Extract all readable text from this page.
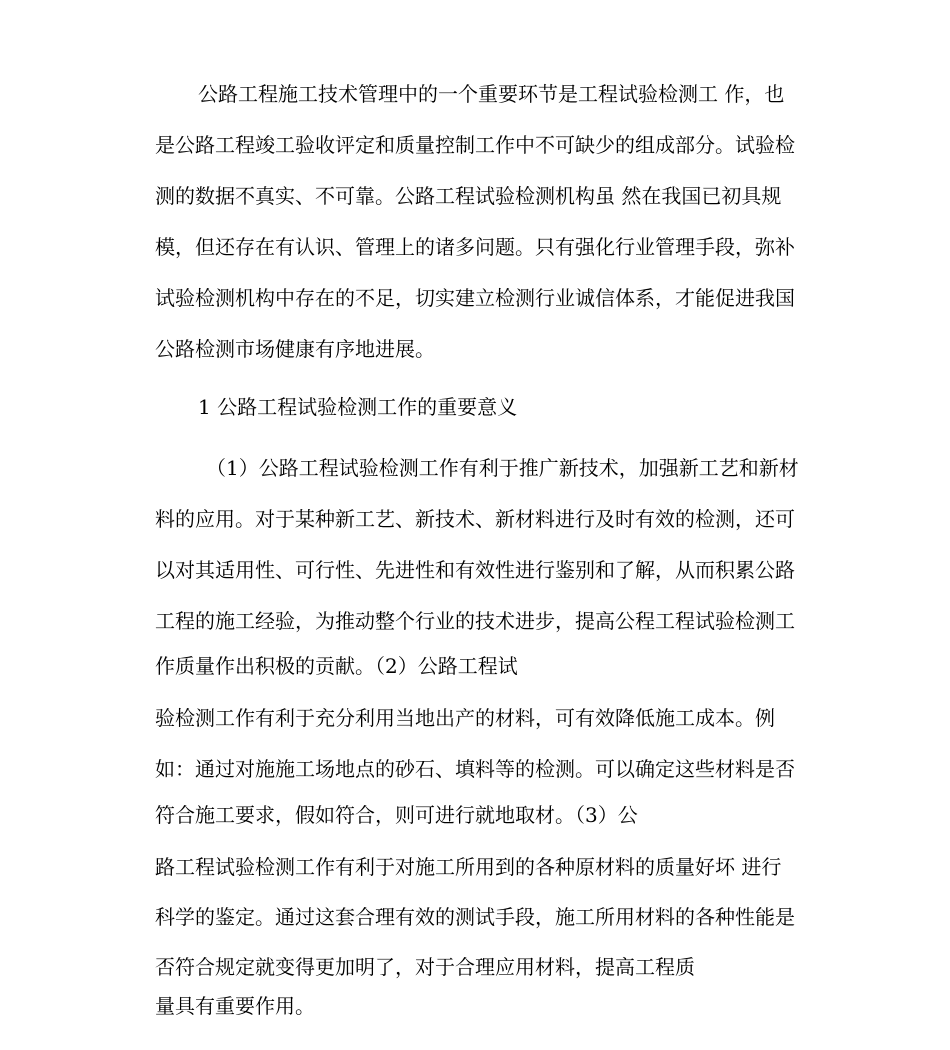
公路工程施工技术管理中的一个重要环节是工程试验检测工 作，也
是公路工程竣工验收评定和质量控制工作中不可缺少的组成部分。试验检
测的数据不真实、不可靠。公路工程试验检测机构虽 然在我国已初具规
模，但还存在有认识、管理上的诸多问题。只有强化行业管理手段，弥补
试验检测机构中存在的不足，切实建立检测行业诚信体系，才能促进我国
公路检测市场健康有序地进展。
1 公路工程试验检测工作的重要意义
（1）公路工程试验检测工作有利于推广新技术，加强新工艺和新材
料的应用。对于某种新工艺、新技术、新材料进行及时有效的检测，还可
以对其适用性、可行性、先进性和有效性进行鉴别和了解，从而积累公路
工程的施工经验，为推动整个行业的技术进步，提高公程工程试验检测工
作质量作出积极的贡献。（2）公路工程试
验检测工作有利于充分利用当地出产的材料，可有效降低施工成本。例
如：通过对施施工场地点的砂石、填料等的检测。可以确定这些材料是否
符合施工要求，假如符合，则可进行就地取材。（3）公
路工程试验检测工作有利于对施工所用到的各种原材料的质量好坏 进行
科学的鉴定。通过这套合理有效的测试手段，施工所用材料的各种性能是
否符合规定就变得更加明了，对于合理应用材料，提高工程质
量具有重要作用。
